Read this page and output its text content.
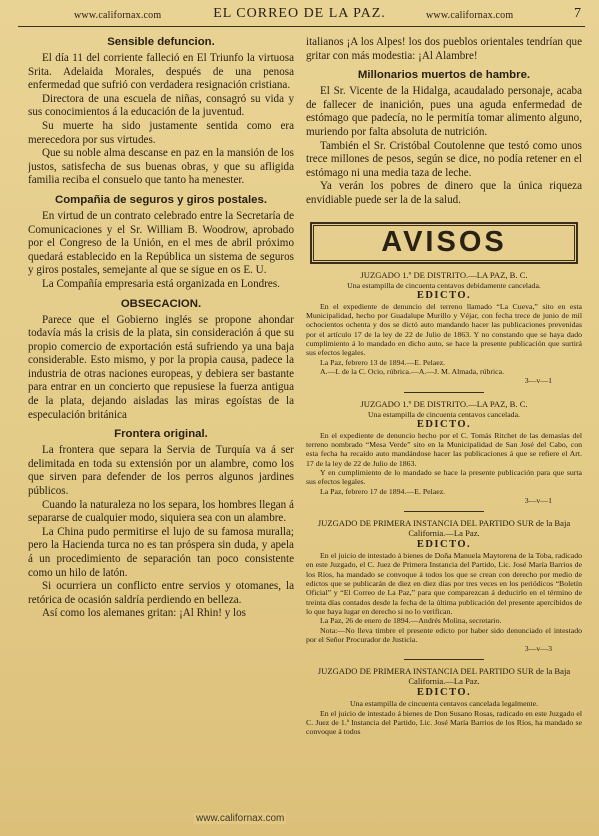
www.californax.com	EL CORREO DE LA PAZ.	www.californax.com	7
Sensible defuncion.

El día 11 del corriente falleció en El Triunfo la virtuosa Srita. Adelaida Morales, después de una penosa enfermedad que sufrió con verdadera resignación cristiana.

Directora de una escuela de niñas, consagró su vida y sus conocimientos á la educación de la juventud.

Su muerte ha sido justamente sentida como era merecedora por sus virtudes.

Que su noble alma descanse en paz en la mansión de los justos, satisfecha de sus buenas obras, y que su afligida familia reciba el consuelo que tanto ha menester.

Compañia de seguros y giros postales.

En virtud de un contrato celebrado entre la Secretaría de Comunicaciones y el Sr. William B. Woodrow, aprobado por el Congreso de la Unión, en el mes de abril próximo quedará establecido en la República un sistema de seguros y giros postales, semejante al que se sigue en os E. U.

La Compañía empresaria está organizada en Londres.

OBSECACION.

Parece que el Gobierno inglés se propone ahondar todavía más la crisis de la plata, sin consideración á que su propio comercio de exportación está sufriendo ya una baja considerable. Esto mismo, y por la propia causa, padece la industria de otras naciones europeas, y debiera ser bastante para entrar en un concierto que repusiese la fuerza antigua de la plata, dejando aisladas las miras egoístas de la especulación británica

Frontera original.

La frontera que separa la Servia de Turquía va á ser delimitada en toda su extensión por un alambre, como los que sirven para defender de los perros algunos jardines públicos.

Cuando la naturaleza no los separa, los hombres llegan á separarse de cualquier modo, siquiera sea con un alambre.

La China pudo permitirse el lujo de su famosa muralla; pero la Hacienda turca no es tan próspera sin duda, y apela á un procedimiento de separación tan poco consistente como un hilo de latón.

Si ocurriera un conflicto entre servios y otomanes, la retórica de ocasión saldría perdiendo en belleza.

Así como los alemanes gritan: ¡Al Rhin! y los

italianos ¡A los Alpes! los dos pueblos orientales tendrían que gritar con más modestia: ¡Al Alambre!

Millonarios muertos de hambre.

El Sr. Vicente de la Hidalga, acaudalado personaje, acaba de fallecer de inanición, pues una aguda enfermedad de estómago que padecía, no le permitía tomar alimento alguno, muriendo por falta absoluta de nutrición.

También el Sr. Cristóbal Coutolenne que testó como unos trece millones de pesos, según se dice, no podía retener en el estómago ni una media taza de leche.

Ya verán los pobres de dinero que la única riqueza envidiable puede ser la de la salud.

AVISOS
JUZGADO 1.º DE DISTRITO.—LA PAZ, B. C.
Una estampilla de cincuenta centavos debidamente cancelada.
EDICTO.

En el expediente de denuncio del terreno llamado “La Cueva,” sito en esta Municipalidad, hecho por Guadalupe Murillo y Véjar, con fecha trece de junio de mil ochocientos ochenta y dos se dictó auto mandando hacer las publicaciones prevenidas por el artículo 17 de la ley de 22 de Julio de 1863. Y no constando que se haya dado cumplimiento á lo mandado en dicho auto, se hace la presente publicación que surtirá sus efectos legales.

La Paz, febrero 13 de 1894.—E. Pelaez.

A.—I. de la C. Ocio, rúbrica.—A.—J. M. Almada, rúbrica.

3—v—1

JUZGADO 1.º DE DISTRITO.—LA PAZ, B. C.
Una estampilla de cincuenta centavos cancelada.
EDICTO.

En el expediente de denuncio hecho por el C. Tomás Ritchet de las demasías del terreno nombrado “Mesa Verde” sito en la Municipalidad de San José del Cabo, con esta fecha ha recaído auto mandándose hacer las publicaciones á que se refiere el Art. 17 de la ley de 22 de Julio de 1863.

Y en cumplimiento de lo mandado se hace la presente publicación para que surta sus efectos legales.

La Paz, febrero 17 de 1894.—E. Pelaez.

3—v—1

JUZGADO DE PRIMERA INSTANCIA DEL PARTIDO SUR de la Baja California.—La Paz.
EDICTO.

En el juicio de intestado á bienes de Doña Manuela Maytorena de la Toba, radicado en este Juzgado, el C. Juez de Primera Instancia del Partido, Lic. José María Barrios de los Ríos, ha mandado se convoque á todos los que se crean con derecho por medio de edictos que se publicarán de diez en diez días por tres veces en los periódicos “Boletín Oficial” y “El Correo de La Paz,” para que comparezcan á deducirlo en el término de treinta días contados desde la fecha de la última publicación del presente apercibidos de lo que haya lugar en derecho si no lo verifican.

La Paz, 26 de enero de 1894.—Andrés Molina, secretario.

Nota:—No lleva timbre el presente edicto por haber sido denunciado el intestado por el Señor Procurador de Justicia.

3—v—3

JUZGADO DE PRIMERA INSTANCIA DEL PARTIDO SUR de la Baja California.—La Paz.
EDICTO.
Una estampilla de cincuenta centavos cancelada legalmente.

En el juicio de intestado á bienes de Don Susano Rosas, radicado en este Juzgado el C. Juez de 1.ª Instancia del Partido, Lic. José María Barrios de los Ríos, ha mandado se convoque á todos

www.californax.com
